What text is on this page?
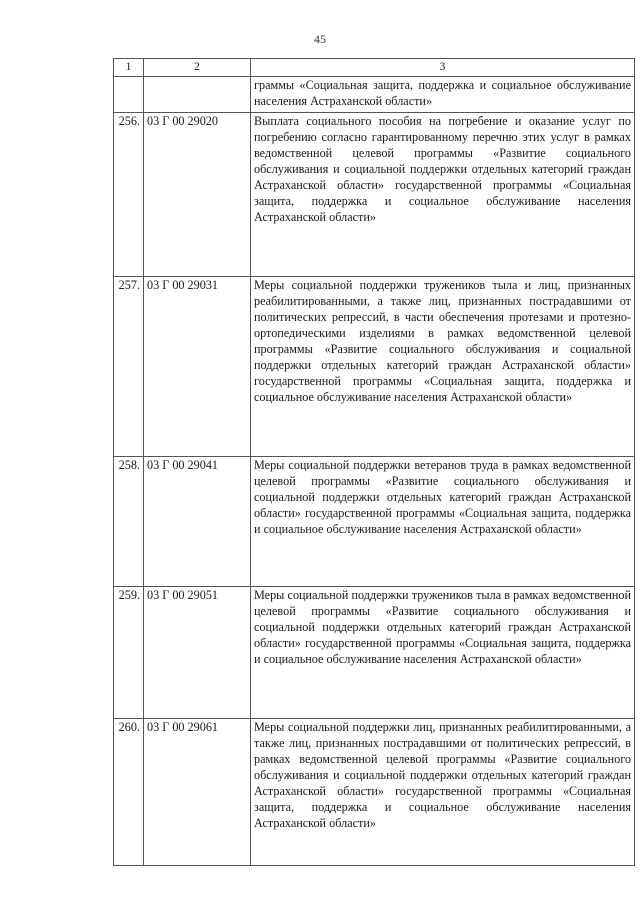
45
1	2	3
		граммы «Социальная защита, поддержка и социальное обслуживание населения Астраханской области»
256.	03 Г 00 29020	Выплата социального пособия на погребение и оказание услуг по погребению согласно гарантированному перечню этих услуг в рамках ведомственной целевой программы «Развитие социального обслуживания и социальной поддержки отдельных категорий граждан Астраханской области» государственной программы «Социальная защита, поддержка и социальное обслуживание населения Астраханской области»
257.	03 Г 00 29031	Меры социальной поддержки тружеников тыла и лиц, признанных реабилитированными, а также лиц, признанных пострадавшими от политических репрессий, в части обеспечения протезами и протезно-ортопедическими изделиями в рамках ведомственной целевой программы «Развитие социального обслуживания и социальной поддержки отдельных категорий граждан Астраханской области» государственной программы «Социальная защита, поддержка и социальное обслуживание населения Астраханской области»
258.	03 Г 00 29041	Меры социальной поддержки ветеранов труда в рамках ведомственной целевой программы «Развитие социального обслуживания и социальной поддержки отдельных категорий граждан Астраханской области» государственной программы «Социальная защита, поддержка и социальное обслуживание населения Астраханской области»
259.	03 Г 00 29051	Меры социальной поддержки тружеников тыла в рамках ведомственной целевой программы «Развитие социального обслуживания и социальной поддержки отдельных категорий граждан Астраханской области» государственной программы «Социальная защита, поддержка и социальное обслуживание населения Астраханской области»
260.	03 Г 00 29061	Меры социальной поддержки лиц, признанных реабилитированными, а также лиц, признанных пострадавшими от политических репрессий, в рамках ведомственной целевой программы «Развитие социального обслуживания и социальной поддержки отдельных категорий граждан Астраханской области» государственной программы «Социальная защита, поддержка и социальное обслуживание населения Астраханской области»
